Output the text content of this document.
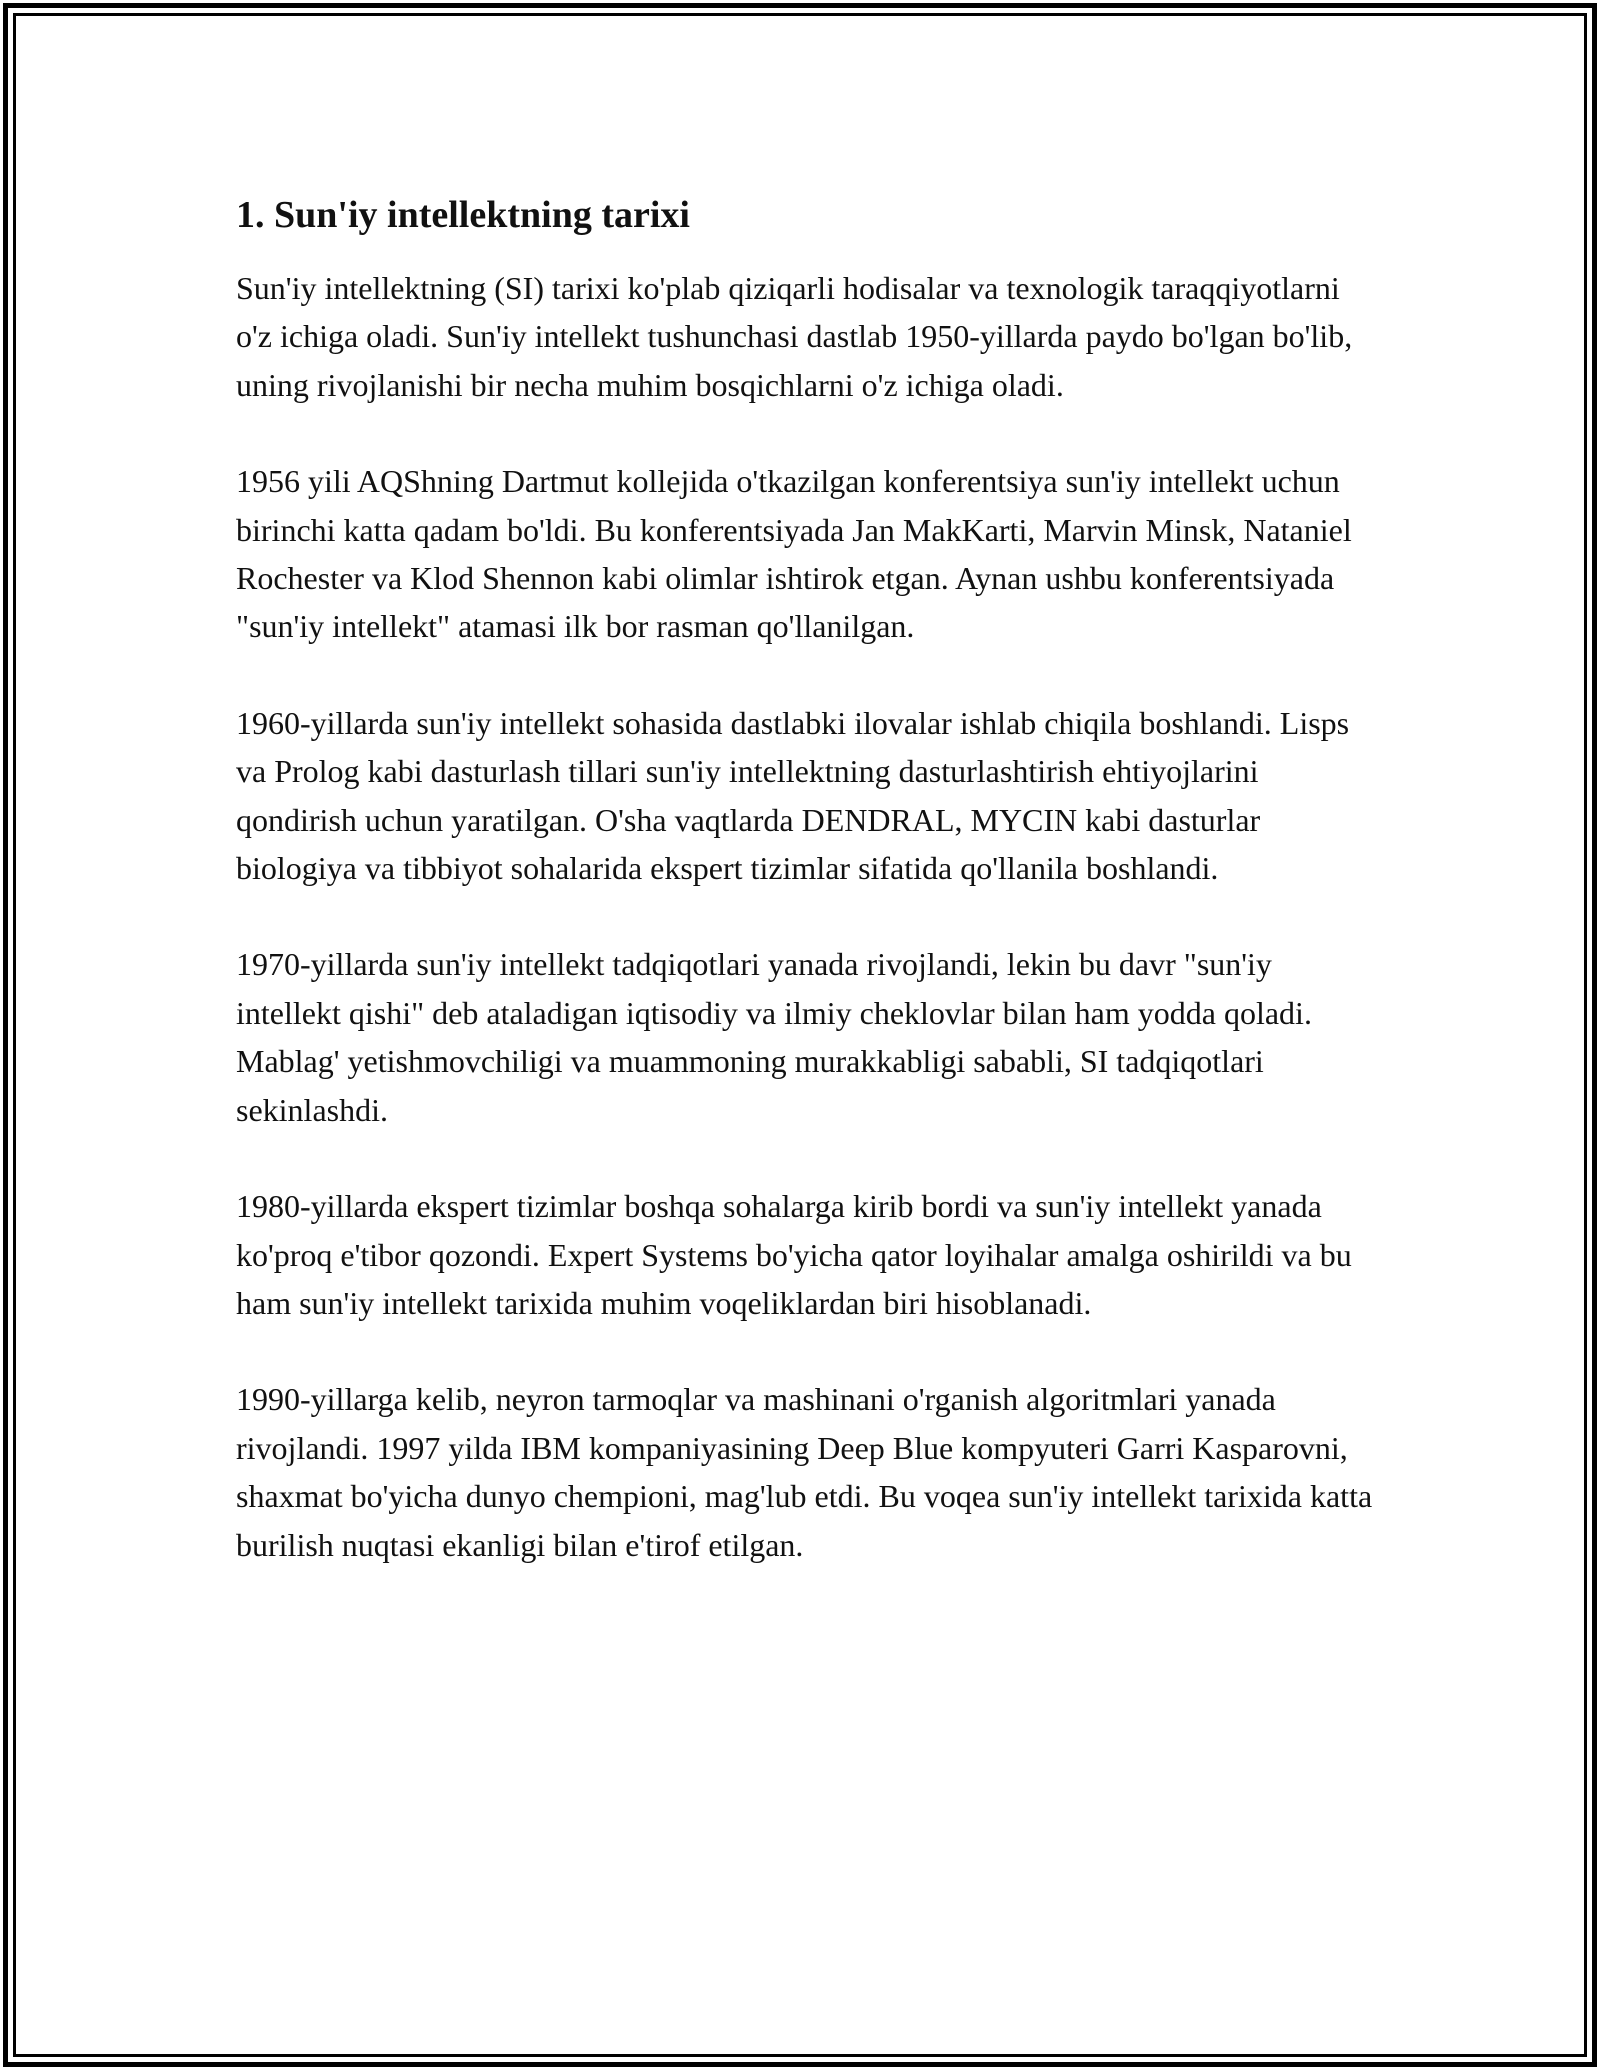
1. Sun'iy intellektning tarixi

Sun'iy intellektning (SI) tarixi ko'plab qiziqarli hodisalar va texnologik taraqqiyotlarni o'z ichiga oladi. Sun'iy intellekt tushunchasi dastlab 1950-yillarda paydo bo'lgan bo'lib, uning rivojlanishi bir necha muhim bosqichlarni o'z ichiga oladi.

1956 yili AQShning Dartmut kollejida o'tkazilgan konferentsiya sun'iy intellekt uchun birinchi katta qadam bo'ldi. Bu konferentsiyada Jan MakKarti, Marvin Minsk, Nataniel Rochester va Klod Shennon kabi olimlar ishtirok etgan. Aynan ushbu konferentsiyada "sun'iy intellekt" atamasi ilk bor rasman qo'llanilgan.

1960-yillarda sun'iy intellekt sohasida dastlabki ilovalar ishlab chiqila boshlandi. Lisps va Prolog kabi dasturlash tillari sun'iy intellektning dasturlashtirish ehtiyojlarini qondirish uchun yaratilgan. O'sha vaqtlarda DENDRAL, MYCIN kabi dasturlar biologiya va tibbiyot sohalarida ekspert tizimlar sifatida qo'llanila boshlandi.

1970-yillarda sun'iy intellekt tadqiqotlari yanada rivojlandi, lekin bu davr "sun'iy intellekt qishi" deb ataladigan iqtisodiy va ilmiy cheklovlar bilan ham yodda qoladi. Mablag' yetishmovchiligi va muammoning murakkabligi sababli, SI tadqiqotlari sekinlashdi.

1980-yillarda ekspert tizimlar boshqa sohalarga kirib bordi va sun'iy intellekt yanada ko'proq e'tibor qozondi. Expert Systems bo'yicha qator loyihalar amalga oshirildi va bu ham sun'iy intellekt tarixida muhim voqeliklardan biri hisoblanadi.

1990-yillarga kelib, neyron tarmoqlar va mashinani o'rganish algoritmlari yanada rivojlandi. 1997 yilda IBM kompaniyasining Deep Blue kompyuteri Garri Kasparovni, shaxmat bo'yicha dunyo chempioni, mag'lub etdi. Bu voqea sun'iy intellekt tarixida katta burilish nuqtasi ekanligi bilan e'tirof etilgan.
